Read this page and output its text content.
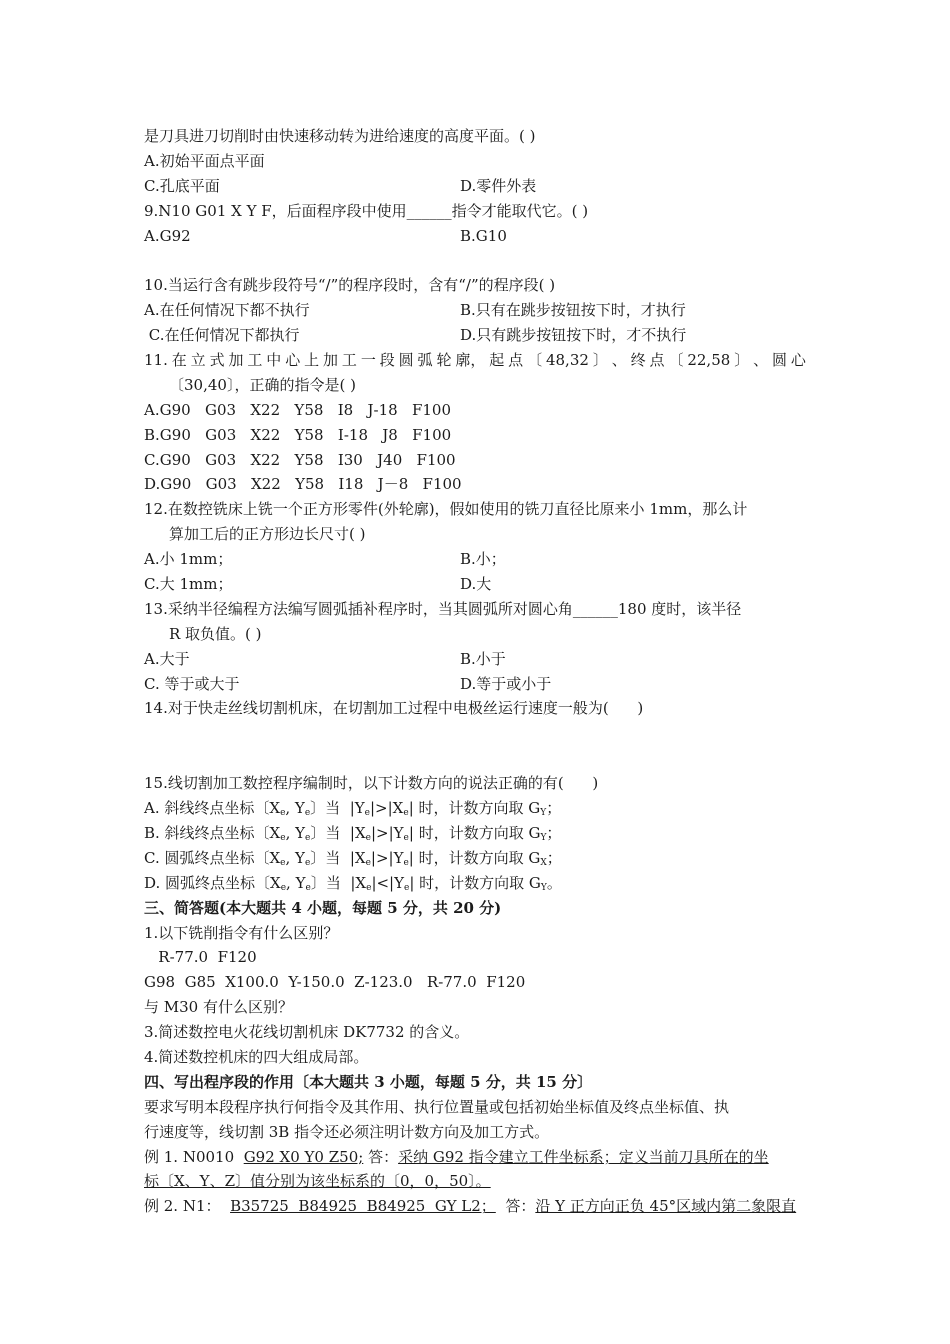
是刀具进刀切削时由快速移动转为进给速度的高度平面。( )
A.初始平面点平面
C.孔底平面	D.零件外表
9.N10 G01 X Y F，后面程序段中使用______指令才能取代它。( )
A.G92	B.G10
10.当运行含有跳步段符号“/”的程序段时，含有“/”的程序段( )
A.在任何情况下都不执行	B.只有在跳步按钮按下时，才执行
C.在任何情况下都执行	D.只有跳步按钮按下时，才不执行
11. 在 立 式 加 工 中 心 上 加 工 一 段 圆 弧 轮 廓， 起 点 〔 48,32 〕 、 终 点 〔 22,58 〕 、 圆 心
〔30,40〕，正确的指令是( )
A.G90   G03   X22   Y58   I8   J-18   F100
B.G90   G03   X22   Y58   I-18   J8   F100
C.G90   G03   X22   Y58   I30   J40   F100
D.G90   G03   X22   Y58   I18   J－8   F100
12.在数控铣床上铣一个正方形零件(外轮廓)，假如使用的铣刀直径比原来小 1mm，那么计
算加工后的正方形边长尺寸( )
A.小 1mm；	B.小；
C.大 1mm；	D.大
13.采纳半径编程方法编写圆弧插补程序时，当其圆弧所对圆心角______180 度时，该半径
R 取负值。( )
A.大于	B.小于
C. 等于或大于	D.等于或小于
14.对于快走丝线切割机床，在切割加工过程中电极丝运行速度一般为(      )
15.线切割加工数控程序编制时，以下计数方向的说法正确的有(      )
A. 斜线终点坐标〔$X_e$, $Y_e$〕当  $|Y_e|>|X_e|$ 时，计数方向取 $G_Y$；
B. 斜线终点坐标〔$X_e$, $Y_e$〕当  $|X_e|>|Y_e|$ 时，计数方向取 $G_Y$；
C. 圆弧终点坐标〔$X_e$, $Y_e$〕当  $|X_e|>|Y_e|$ 时，计数方向取 $G_X$；
D. 圆弧终点坐标〔$X_e$, $Y_e$〕当  $|X_e|<|Y_e|$ 时，计数方向取 $G_Y$。
三、简答题(本大题共 4 小题，每题 5 分，共 20 分)
1.以下铣削指令有什么区别？
R-77.0  F120
G98  G85  X100.0  Y-150.0  Z-123.0   R-77.0  F120
与 M30 有什么区别？
3.简述数控电火花线切割机床 DK7732 的含义。
4.简述数控机床的四大组成局部。
四、写出程序段的作用〔本大题共 3 小题，每题 5 分，共 15 分〕
要求写明本段程序执行何指令及其作用、执行位置量或包括初始坐标值及终点坐标值、执
行速度等，线切割 3B 指令还必须注明计数方向及加工方式。
例 1. N0010  G92 X0 Y0 Z50; 答：采纳 G92 指令建立工件坐标系；定义当前刀具所在的坐
标〔X、Y、Z〕值分别为该坐标系的〔0，0，50〕。
例 2. N1：  B35725  B84925  B84925  GY L2；  答：沿 Y 正方向正负 45°区域内第二象限直
